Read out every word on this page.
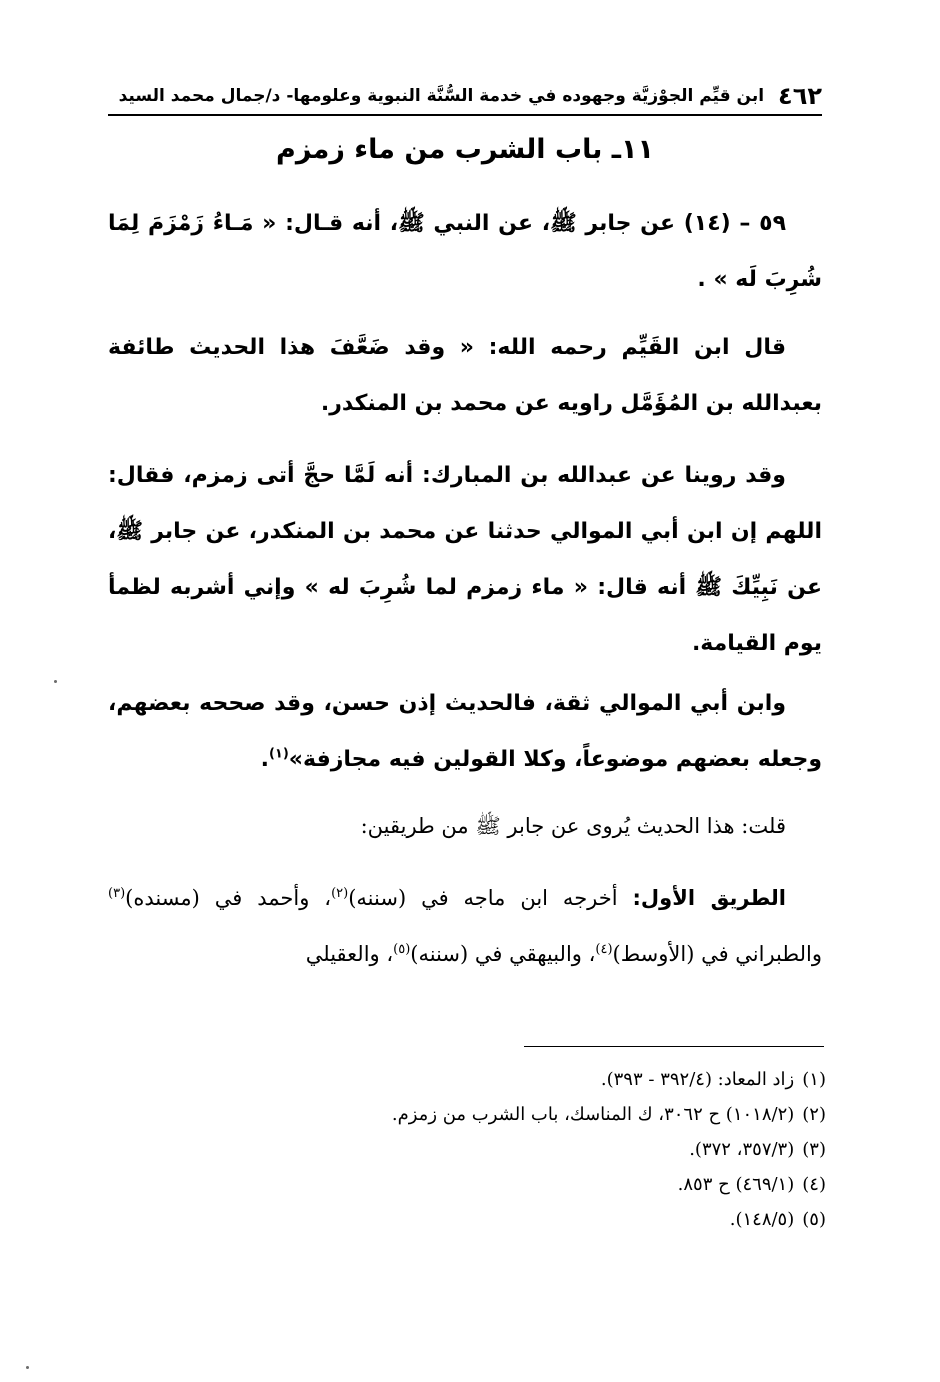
٤٦٢
ابن قيِّم الجوْزيَّة وجهوده في خدمة السُّنَّة النبوية وعلومها- د/جمال محمد السيد
١١ـ باب الشرب من ماء زمزم

٥٩ – (١٤) عن جابر ﷺ، عن النبي ﷺ، أنه قـال: « مَـاءُ زَمْزَمَ لِمَا شُرِبَ لَه » .

قال ابن القَيِّم رحمه الله: « وقد ضَعَّفَ هذا الحديث طائفة بعبدالله بن المُؤَمَّل راويه عن محمد بن المنكدر.

وقد روينا عن عبدالله بن المبارك: أنه لَمَّا حجَّ أتى زمزم، فقال: اللهم إن ابن أبي الموالي حدثنا عن محمد بن المنكدر، عن جابر ﷺ، عن نَبِيِّكَ ﷺ أنه قال: « ماء زمزم لما شُرِبَ له » وإني أشربه لظمأ يوم القيامة.

وابن أبي الموالي ثقة، فالحديث إذن حسن، وقد صححه بعضهم، وجعله بعضهم موضوعاً، وكلا القولين فيه مجازفة»$^{(١)}$.

قلت: هذا الحديث يُروى عن جابر ﷺ من طريقين:

الطريق الأول: أخرجه ابن ماجه في (سننه)$^{(٢)}$، وأحمد في (مسنده)$^{(٣)}$ والطبراني في (الأوسط)$^{(٤)}$، والبيهقي في (سننه)$^{(٥)}$، والعقيلي

(١)زاد المعاد: (٣٩٢/٤ - ٣٩٣).
(٢)(١٠١٨/٢) ح ٣٠٦٢، ك المناسك، باب الشرب من زمزم.
(٣)(٣٥٧/٣، ٣٧٢).
(٤)(٤٦٩/١) ح ٨٥٣.
(٥)(١٤٨/٥).
